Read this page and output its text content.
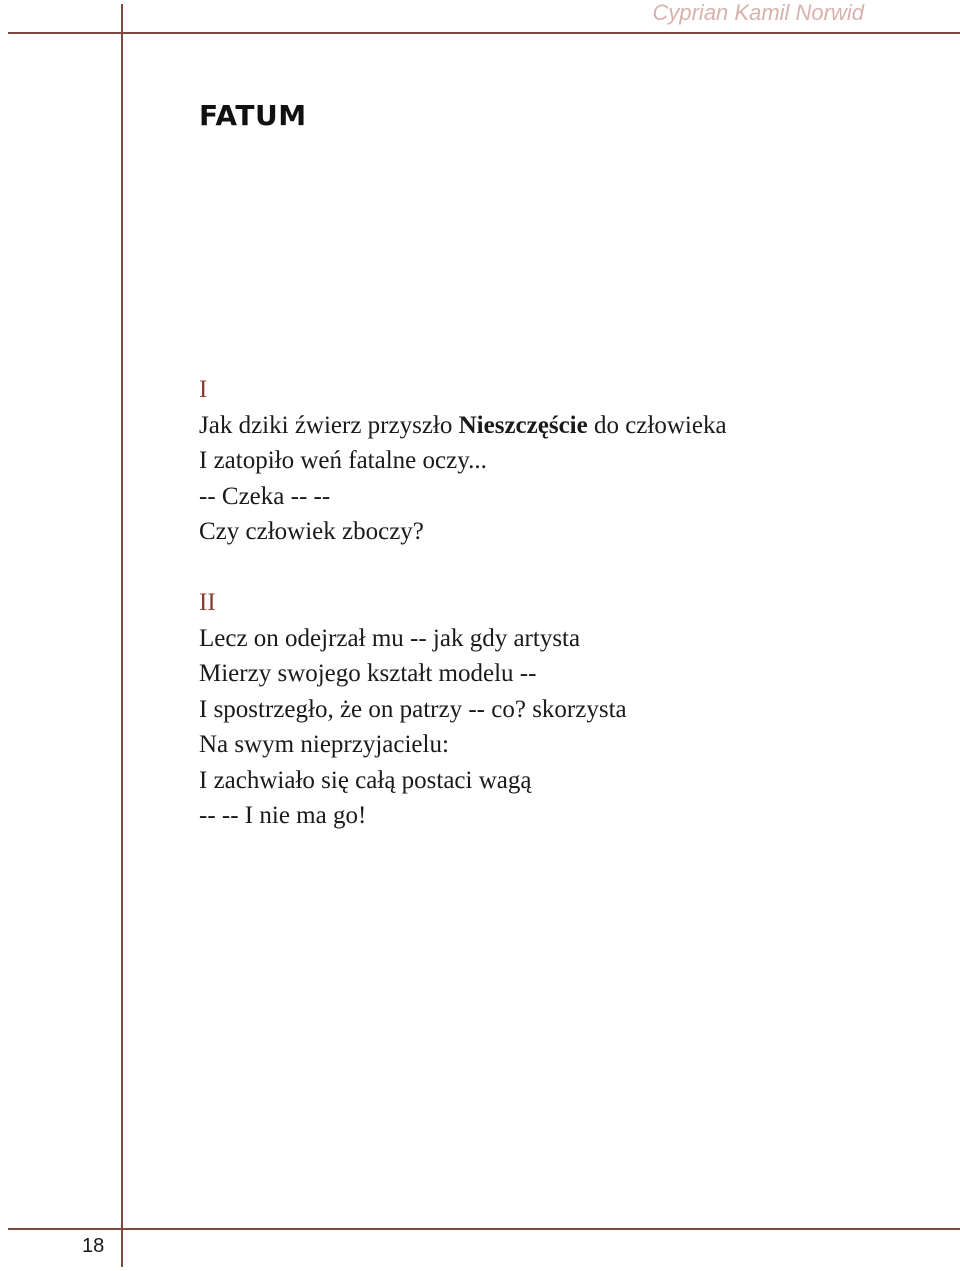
Cyprian Kamil Norwid
18
FATUM
I
Jak dziki źwierz przyszło Nieszczęście do człowieka
I zatopiło weń fatalne oczy...
-- Czeka -- --
Czy człowiek zboczy?
II
Lecz on odejrzał mu -- jak gdy artysta
Mierzy swojego kształt modelu --
I spostrzegło, że on patrzy -- co? skorzysta
Na swym nieprzyjacielu:
I zachwiało się całą postaci wagą
-- -- I nie ma go!
